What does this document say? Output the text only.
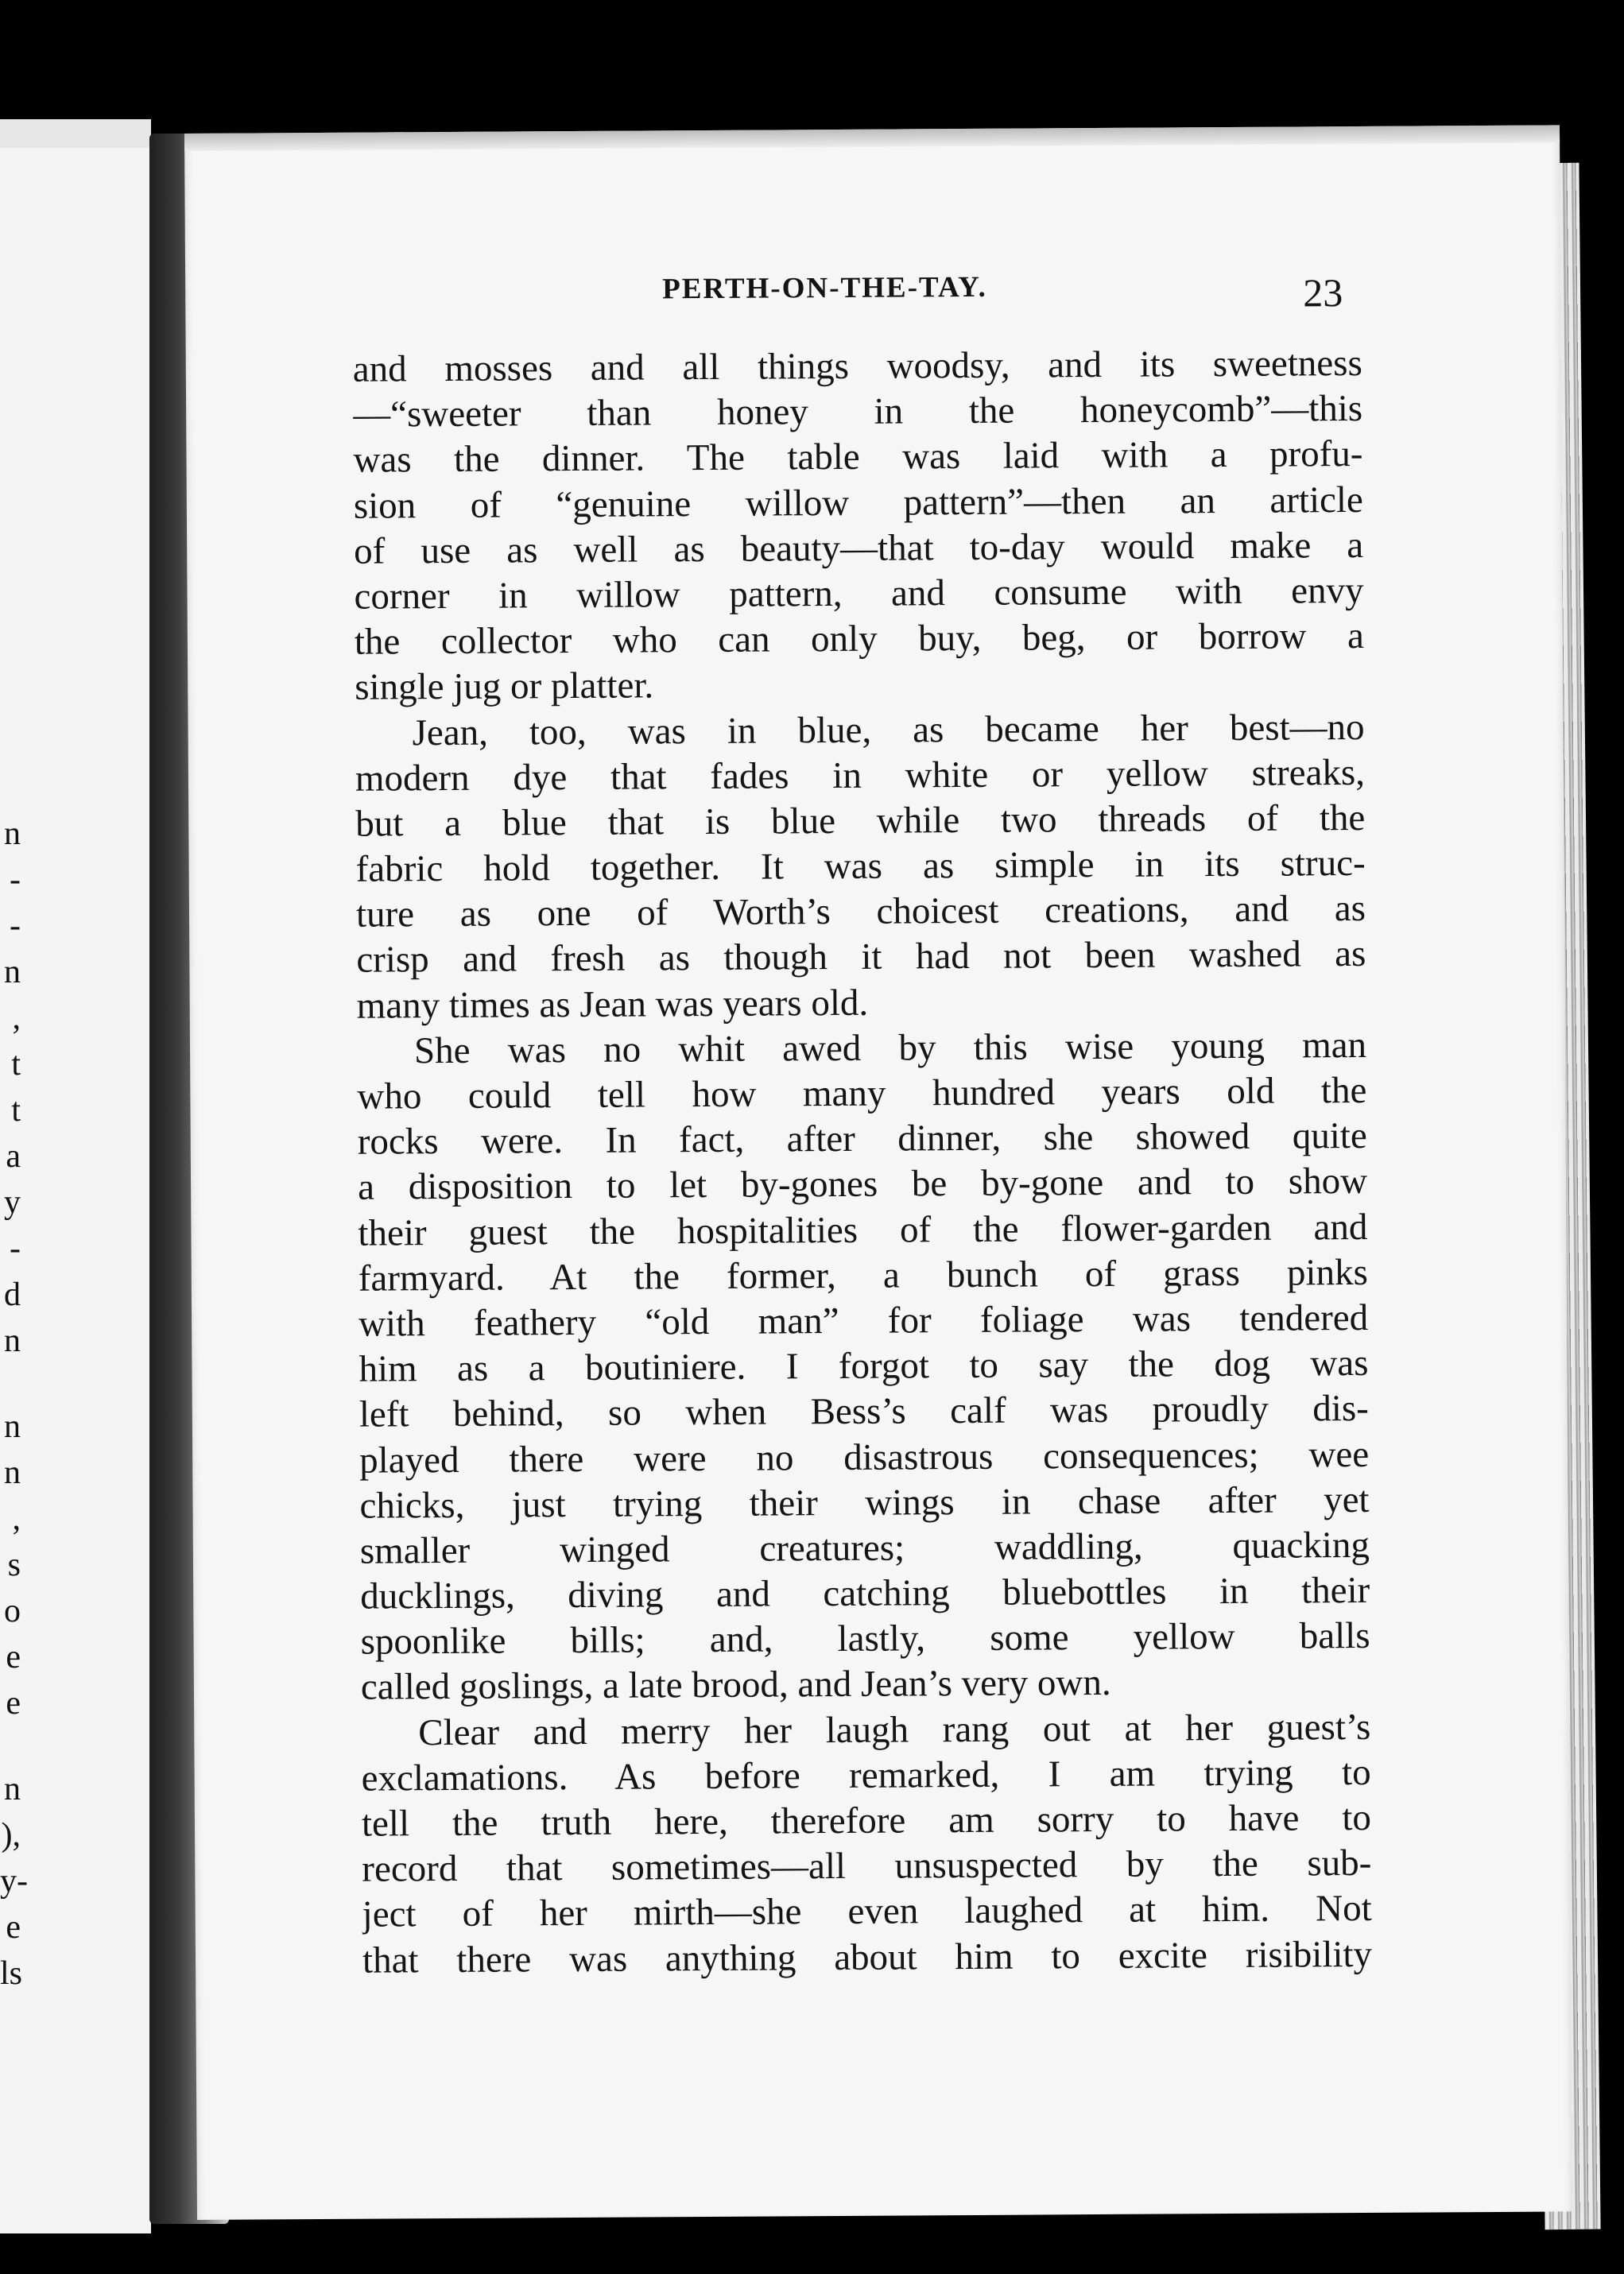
n
-
-
n
,
t
t
a
y
-
d
n
n
n
,
s
o
e
e
n
),
y-
e
ls
PERTH-ON-THE-TAY.	23
and mosses and all things woodsy, and its sweetness
—“sweeter than honey in the honeycomb”—this
was the dinner. The table was laid with a profu-
sion of “genuine willow pattern”—then an article
of use as well as beauty—that to-day would make a
corner in willow pattern, and consume with envy
the collector who can only buy, beg, or borrow a
single jug or platter.
Jean, too, was in blue, as became her best—no
modern dye that fades in white or yellow streaks,
but a blue that is blue while two threads of the
fabric hold together. It was as simple in its struc-
ture as one of Worth’s choicest creations, and as
crisp and fresh as though it had not been washed as
many times as Jean was years old.
She was no whit awed by this wise young man
who could tell how many hundred years old the
rocks were. In fact, after dinner, she showed quite
a disposition to let by-gones be by-gone and to show
their guest the hospitalities of the flower-garden and
farmyard. At the former, a bunch of grass pinks
with feathery “old man” for foliage was tendered
him as a boutiniere. I forgot to say the dog was
left behind, so when Bess’s calf was proudly dis-
played there were no disastrous consequences; wee
chicks, just trying their wings in chase after yet
smaller winged creatures; waddling, quacking
ducklings, diving and catching bluebottles in their
spoonlike bills; and, lastly, some yellow balls
called goslings, a late brood, and Jean’s very own.
Clear and merry her laugh rang out at her guest’s
exclamations. As before remarked, I am trying to
tell the truth here, therefore am sorry to have to
record that sometimes—all unsuspected by the sub-
ject of her mirth—she even laughed at him. Not
that there was anything about him to excite risibility
